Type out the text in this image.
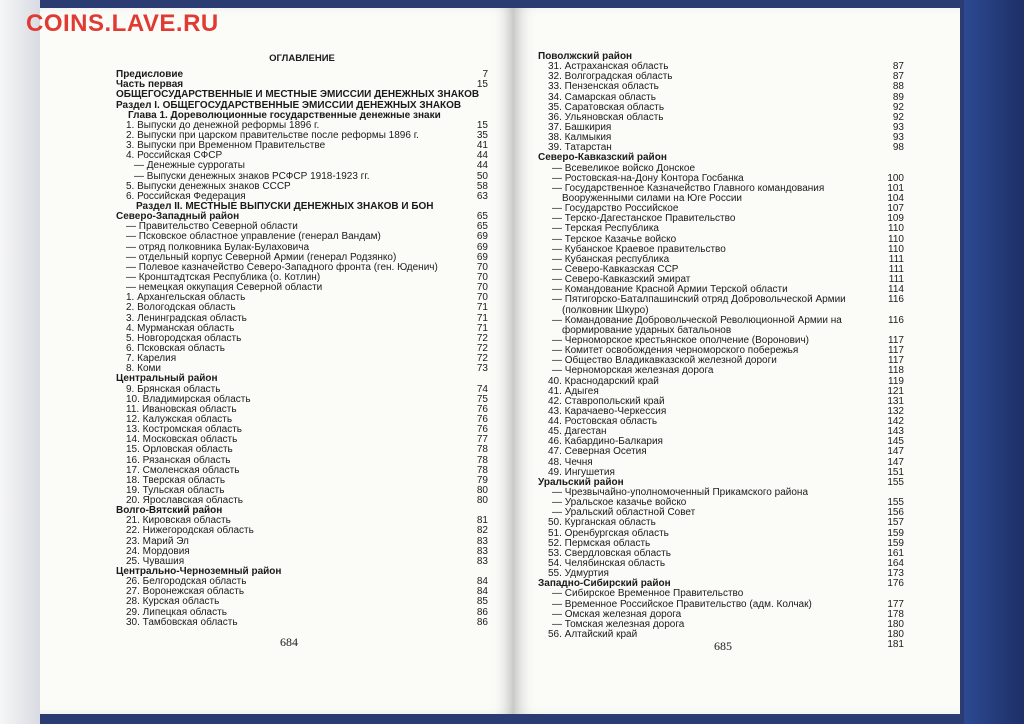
COINS.LAVE.RU
ОГЛАВЛЕНИЕ
Предисловие	7
Часть первая	15
ОБЩЕГОСУДАРСТВЕННЫЕ И МЕСТНЫЕ ЭМИССИИ ДЕНЕЖНЫХ ЗНАКОВ
Раздел I. ОБЩЕГОСУДАРСТВЕННЫЕ ЭМИССИИ ДЕНЕЖНЫХ ЗНАКОВ
Глава 1. Дореволюционные государственные денежные знаки
1. Выпуски до денежной реформы 1896 г.	15
2. Выпуски при царском правительстве после реформы 1896 г.	35
3. Выпуски при Временном Правительстве	41
4. Российская СФСР	44
— Денежные суррогаты	44
— Выпуски денежных знаков РСФСР 1918-1923 гг.	50
5. Выпуски денежных знаков СССР	58
6. Российская Федерация	63
Раздел II. МЕСТНЫЕ ВЫПУСКИ ДЕНЕЖНЫХ ЗНАКОВ И БОН
Северо-Западный район	65
— Правительство Северной области	65
— Псковское областное управление (генерал Вандам)	69
— отряд полковника Булак-Булаховича	69
— отдельный корпус Северной Армии (генерал Родзянко)	69
— Полевое казначейство Северо-Западного фронта (ген. Юденич)	70
— Кронштадтская Республика (о. Котлин)	70
— немецкая оккупация Северной области	70
1. Архангельская область	70
2. Вологодская область	71
3. Ленинградская область	71
4. Мурманская область	71
5. Новгородская область	72
6. Псковская область	72
7. Карелия	72
8. Коми	73
Центральный район
9. Брянская область	74
10. Владимирская область	75
11. Ивановская область	76
12. Калужская область	76
13. Костромская область	76
14. Московская область	77
15. Орловская область	78
16. Рязанская область	78
17. Смоленская область	78
18. Тверская область	79
19. Тульская область	80
20. Ярославская область	80
Волго-Вятский район
21. Кировская область	81
22. Нижегородская область	82
23. Марий Эл	83
24. Мордовия	83
25. Чувашия	83
Центрально-Черноземный район
26. Белгородская область	84
27. Воронежская область	84
28. Курская область	85
29. Липецкая область	86
30. Тамбовская область	86
684
Поволжский район
31. Астраханская область	87
32. Волгоградская область	87
33. Пензенская область	88
34. Самарская область	89
35. Саратовская область	92
36. Ульяновская область	92
37. Башкирия	93
38. Калмыкия	93
39. Татарстан	98
Северо-Кавказский район
— Всевеликое войско Донское
— Ростовская-на-Дону Контора Госбанка	100
— Государственное Казначейство Главного командования	101
Вооруженными силами на Юге России	104
— Государство Российское	107
— Терско-Дагестанское Правительство	109
— Терская Республика	110
— Терское Казачье войско	110
— Кубанское Краевое правительство	110
— Кубанская республика	111
— Северо-Кавказская ССР	111
— Северо-Кавказский эмират	111
— Командование Красной Армии Терской области	114
— Пятигорско-Баталпашинский отряд Добровольческой Армии	116
(полковник Шкуро)
— Командование Добровольческой Революционной Армии на	116
формирование ударных батальонов
— Черноморское крестьянское ополчение (Воронович)	117
— Комитет освобождения черноморского побережья	117
— Общество Владикавказской железной дороги	117
— Черноморская железная дорога	118
40. Краснодарский край	119
41. Адыгея	121
42. Ставропольский край	131
43. Карачаево-Черкессия	132
44. Ростовская область	142
45. Дагестан	143
46. Кабардино-Балкария	145
47. Северная Осетия	147
48. Чечня	147
49. Ингушетия	151
Уральский район	155
— Чрезвычайно-уполномоченный Прикамского района
— Уральское казачье войско	155
— Уральский областной Совет	156
50. Курганская область	157
51. Оренбургская область	159
52. Пермская область	159
53. Свердловская область	161
54. Челябинская область	164
55. Удмуртия	173
Западно-Сибирский район	176
— Сибирское Временное Правительство
— Временное Российское Правительство (адм. Колчак)	177
— Омская железная дорога	178
— Томская железная дорога	180
56. Алтайский край	180
181
685
